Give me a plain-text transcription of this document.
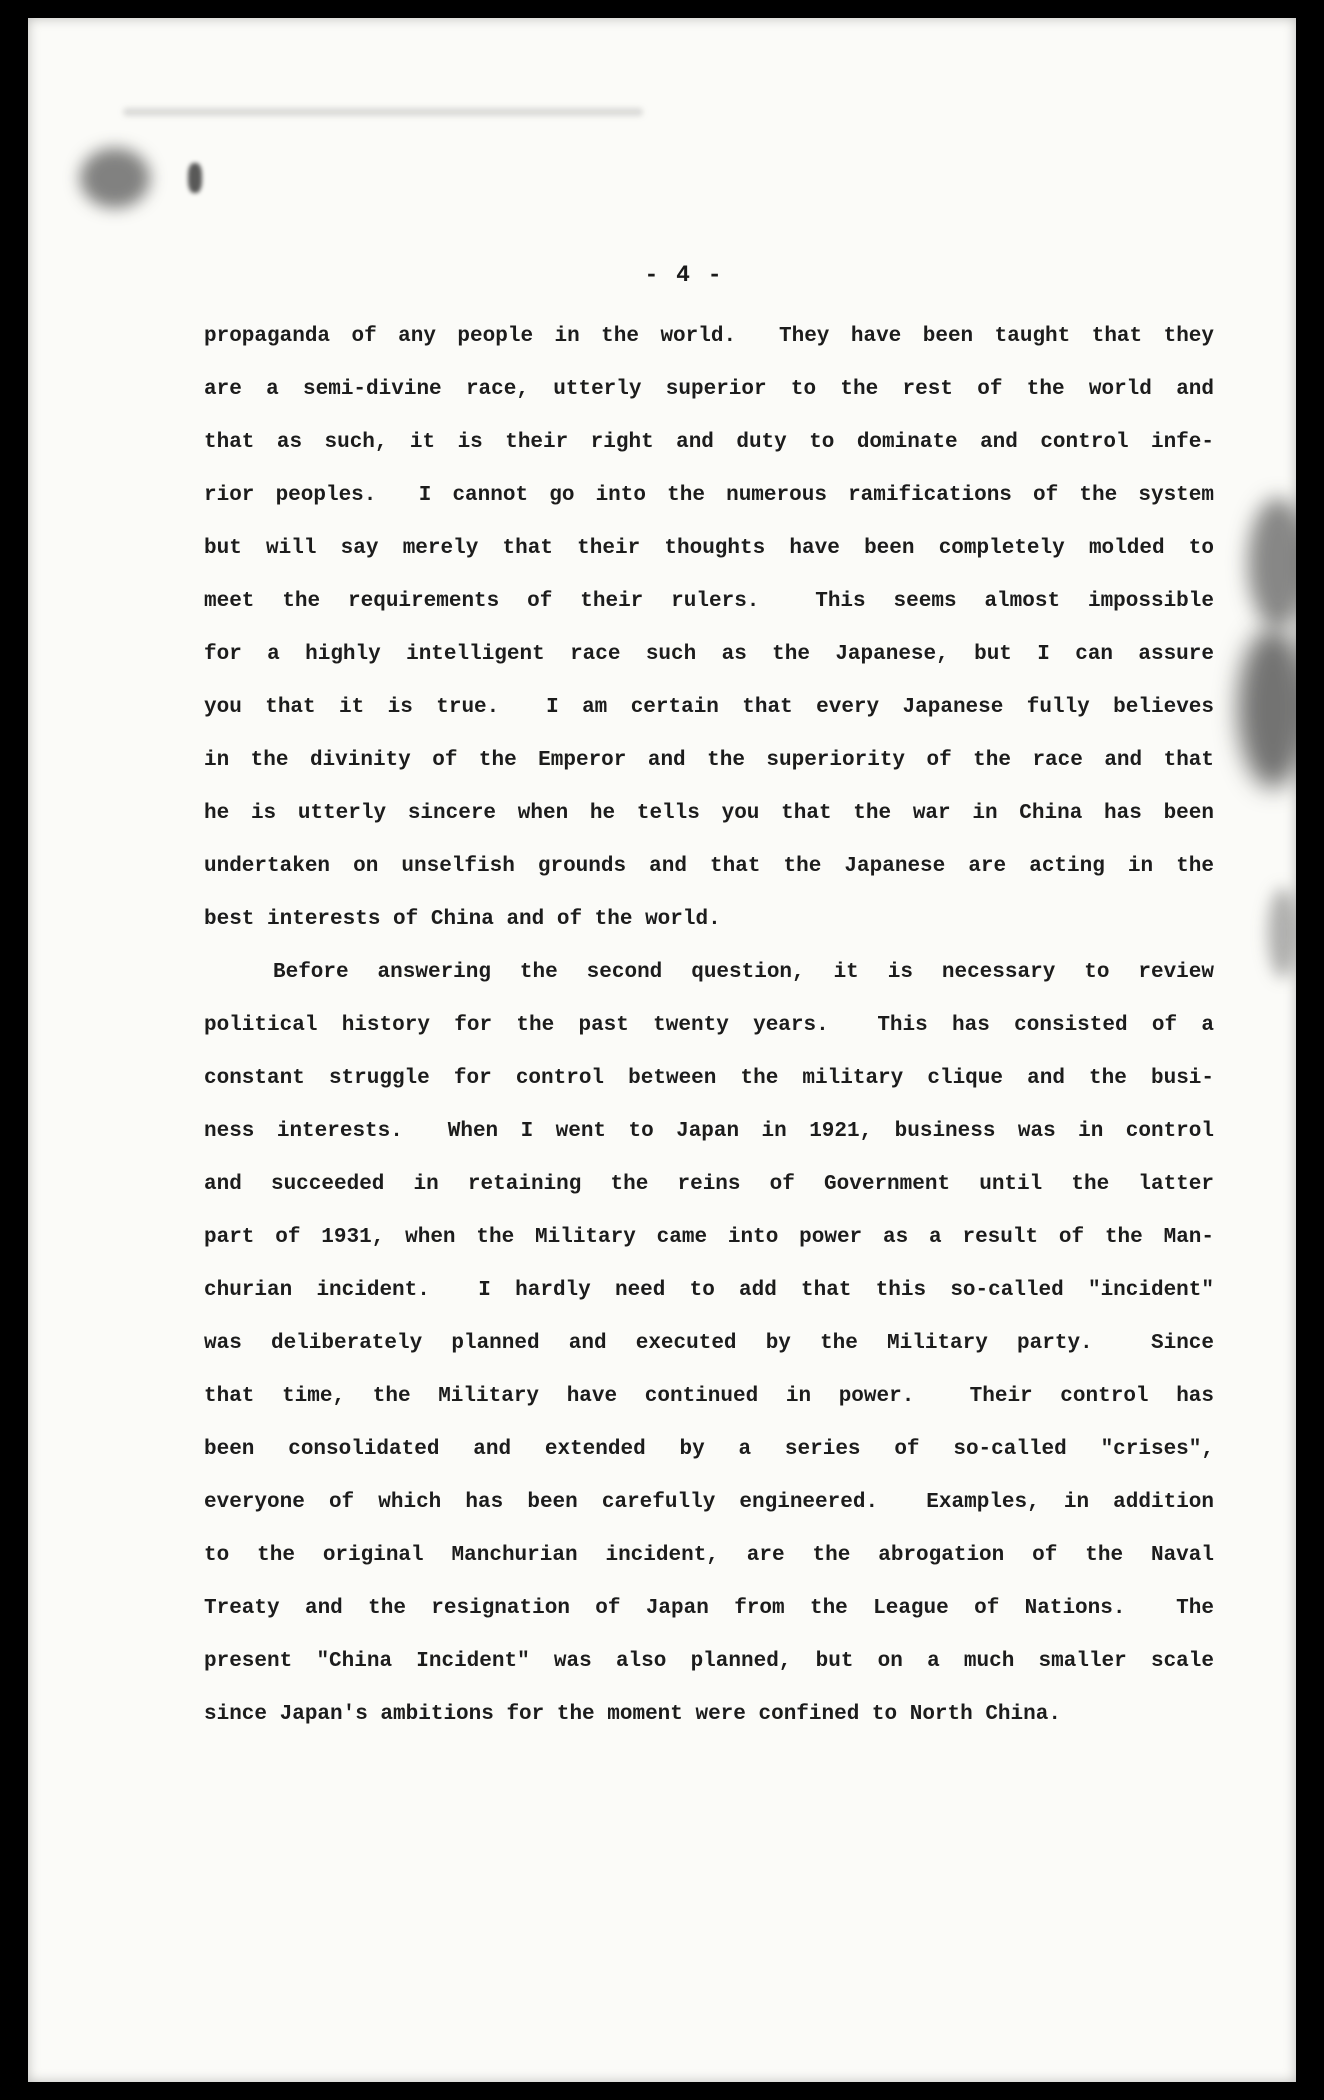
- 4 -
propaganda of any people in the world.  They have been taught that they
are a semi-divine race, utterly superior to the rest of the world and
that as such, it is their right and duty to dominate and control infe-
rior peoples.  I cannot go into the numerous ramifications of the system
but will say merely that their thoughts have been completely molded to
meet the requirements of their rulers.  This seems almost impossible
for a highly intelligent race such as the Japanese, but I can assure
you that it is true.  I am certain that every Japanese fully believes
in the divinity of the Emperor and the superiority of the race and that
he is utterly sincere when he tells you that the war in China has been
undertaken on unselfish grounds and that the Japanese are acting in the
best interests of China and of the world.
Before answering the second question, it is necessary to review
political history for the past twenty years.  This has consisted of a
constant struggle for control between the military clique and the busi-
ness interests.  When I went to Japan in 1921, business was in control
and succeeded in retaining the reins of Government until the latter
part of 1931, when the Military came into power as a result of the Man-
churian incident.  I hardly need to add that this so-called "incident"
was deliberately planned and executed by the Military party.  Since
that time, the Military have continued in power.  Their control has
been consolidated and extended by a series of so-called "crises",
everyone of which has been carefully engineered.  Examples, in addition
to the original Manchurian incident, are the abrogation of the Naval
Treaty and the resignation of Japan from the League of Nations.  The
present "China Incident" was also planned, but on a much smaller scale
since Japan's ambitions for the moment were confined to North China.
